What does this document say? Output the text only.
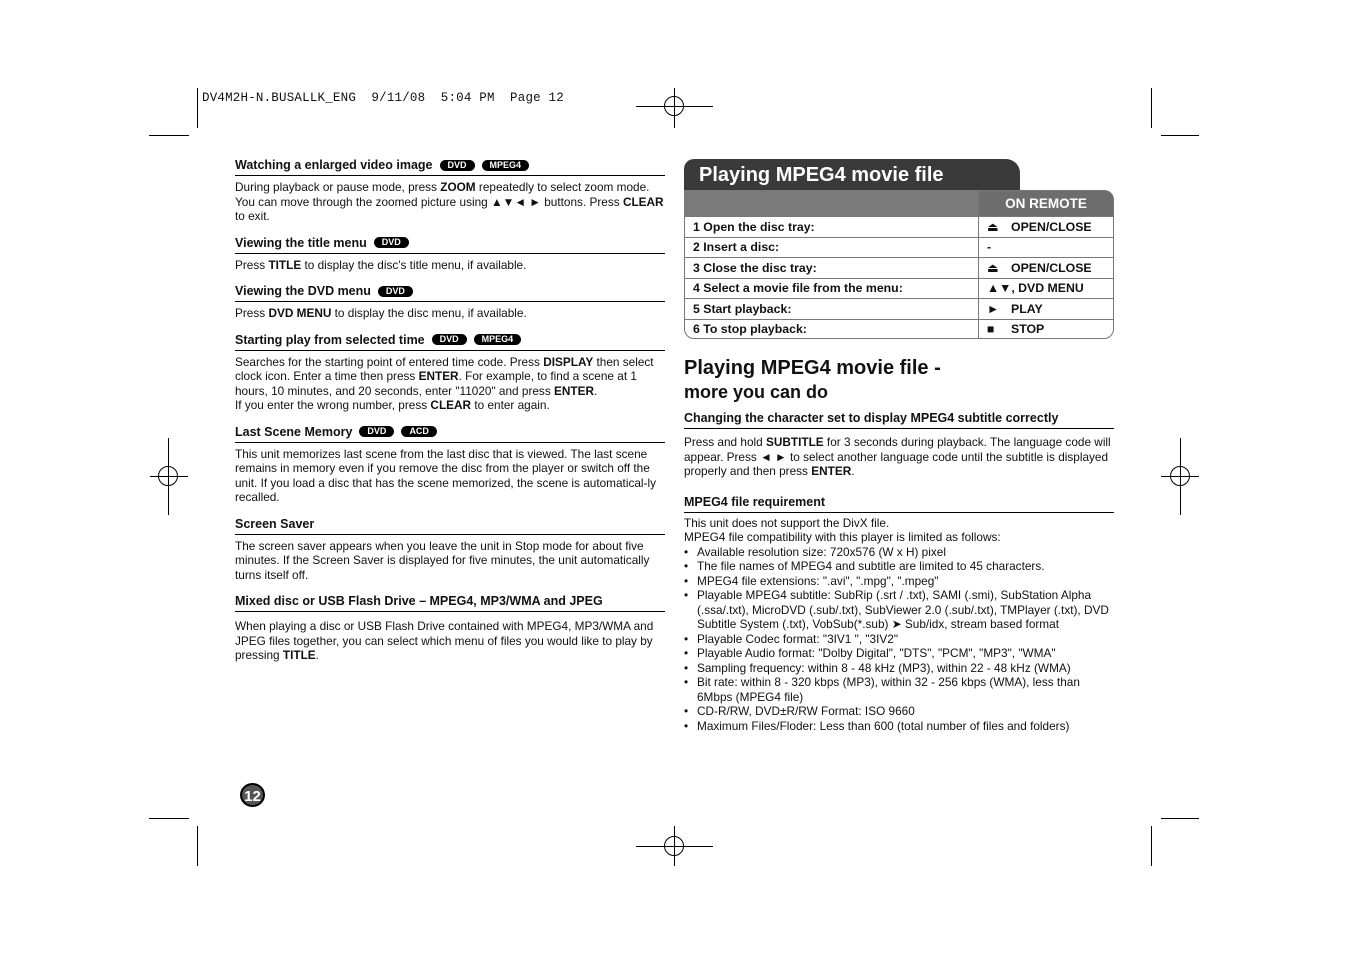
DV4M2H-N.BUSALLK_ENG  9/11/08  5:04 PM  Page 12
Watching a enlarged video image	DVD	MPEG4
During playback or pause mode, press ZOOM repeatedly to select zoom mode. You can move through the zoomed picture using ▲▼◄ ► buttons. Press CLEAR to exit.
Viewing the title menu	DVD
Press TITLE to display the disc's title menu, if available.
Viewing the DVD menu	DVD
Press DVD MENU to display the disc menu, if available.
Starting play from selected time	DVD	MPEG4
Searches for the starting point of entered time code. Press DISPLAY then select clock icon. Enter a time then press ENTER. For example, to find a scene at 1 hours, 10 minutes, and 20 seconds, enter "11020" and press ENTER.
If you enter the wrong number, press CLEAR to enter again.
Last Scene Memory	DVD	ACD
This unit memorizes last scene from the last disc that is viewed. The last scene remains in memory even if you remove the disc from the player or switch off the unit. If you load a disc that has the scene memorized, the scene is automatical-ly recalled.
Screen Saver
The screen saver appears when you leave the unit in Stop mode for about five minutes. If the Screen Saver is displayed for five minutes, the unit automatically turns itself off.
Mixed disc or USB Flash Drive – MPEG4, MP3/WMA and JPEG
When playing a disc or USB Flash Drive contained with MPEG4, MP3/WMA and JPEG files together, you can select which menu of files you would like to play by pressing TITLE.
Playing MPEG4 movie file
	ON REMOTE
1 Open the disc tray:	⏏ OPEN/CLOSE
2 Insert a disc:	-
3 Close the disc tray:	⏏ OPEN/CLOSE
4 Select a movie file from the menu:	▲▼, DVD MENU
5 Start playback:	► PLAY
6 To stop playback:	■ STOP
Playing MPEG4 movie file -
more you can do
Changing the character set to display MPEG4 subtitle correctly
Press and hold SUBTITLE for 3 seconds during playback. The language code will appear. Press ◄ ► to select another language code until the subtitle is displayed properly and then press ENTER.
MPEG4 file requirement
This unit does not support the DivX file.
MPEG4 file compatibility with this player is limited as follows:
• Available resolution size: 720x576 (W x H) pixel
• The file names of MPEG4 and subtitle are limited to 45 characters.
• MPEG4 file extensions: ".avi", ".mpg", ".mpeg"
• Playable MPEG4 subtitle: SubRip (.srt / .txt), SAMI (.smi), SubStation Alpha (.ssa/.txt), MicroDVD (.sub/.txt), SubViewer 2.0 (.sub/.txt), TMPlayer (.txt), DVD Subtitle System (.txt), VobSub(*.sub) ➤ Sub/idx, stream based format
• Playable Codec format: "3IV1 ", "3IV2"
• Playable Audio format: "Dolby Digital", "DTS", "PCM", "MP3", "WMA"
• Sampling frequency: within 8 - 48 kHz (MP3), within 22 - 48 kHz (WMA)
• Bit rate: within 8 - 320 kbps (MP3), within 32 - 256 kbps (WMA), less than 6Mbps (MPEG4 file)
• CD-R/RW, DVD±R/RW Format: ISO 9660
• Maximum Files/Floder: Less than 600 (total number of files and folders)
12
